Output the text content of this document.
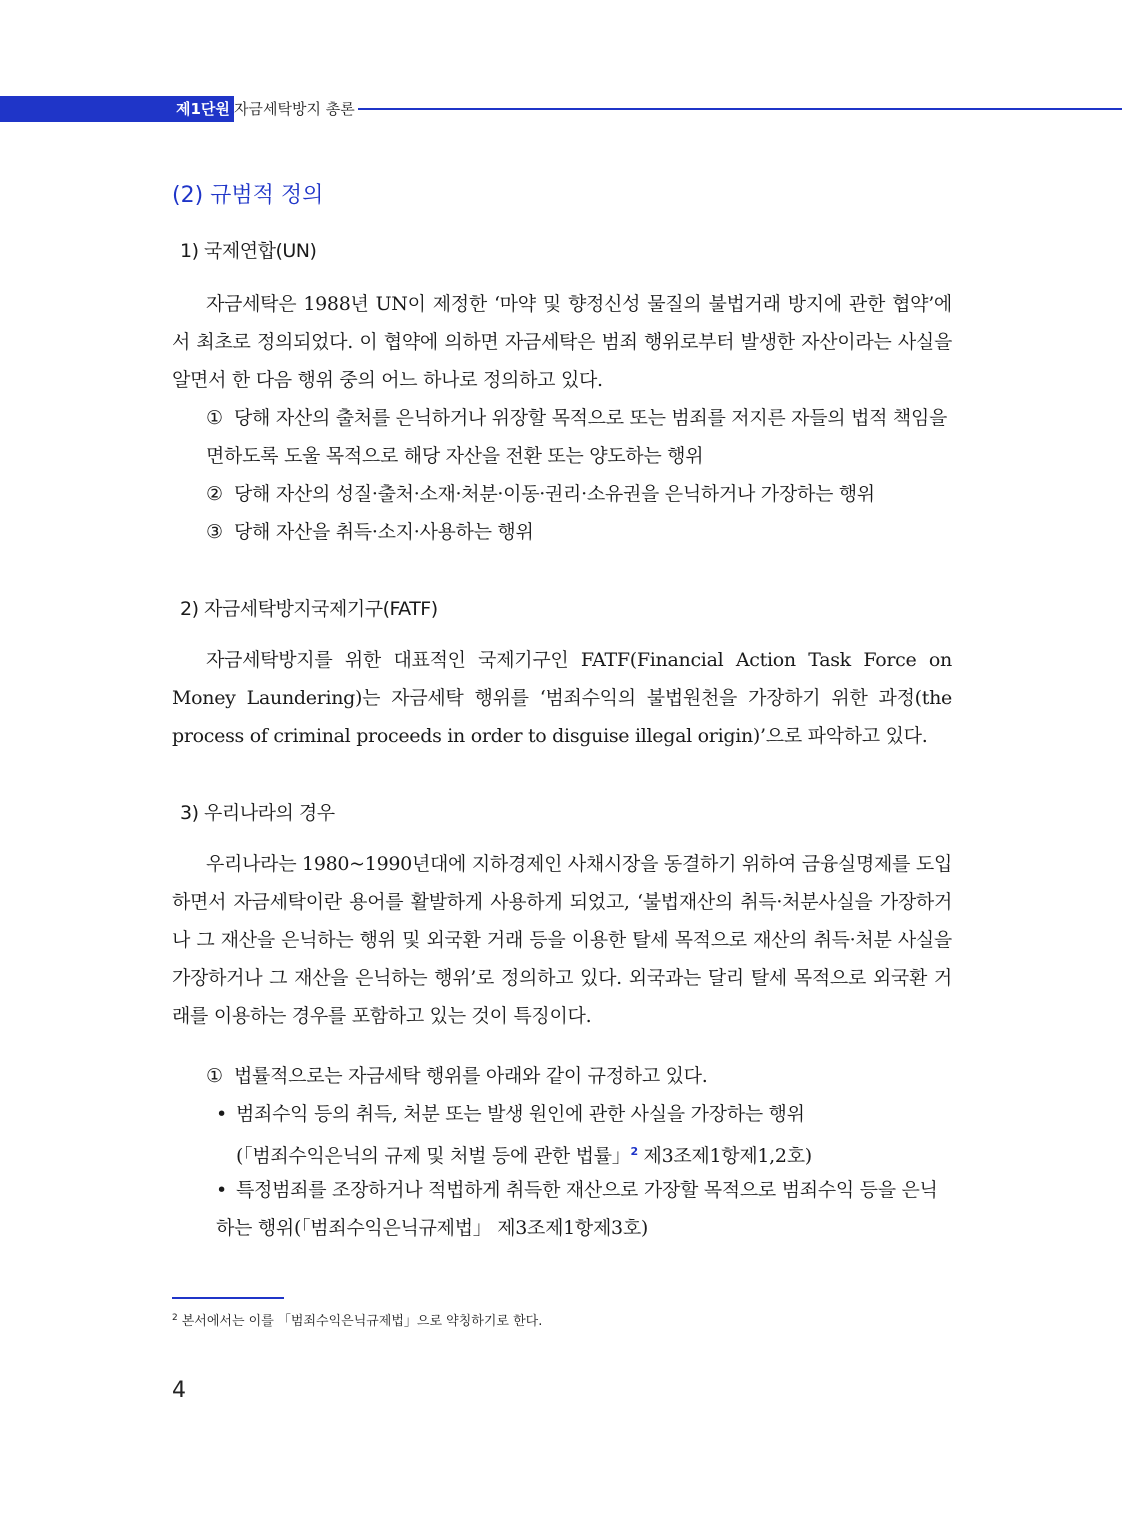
제1단원 자금세탁방지 총론
(2) 규범적 정의
1) 국제연합(UN)

자금세탁은 1988년 UN이 제정한 ‘마약 및 향정신성 물질의 불법거래 방지에 관한 협약’에서 최초로 정의되었다. 이 협약에 의하면 자금세탁은 범죄 행위로부터 발생한 자산이라는 사실을 알면서 한 다음 행위 중의 어느 하나로 정의하고 있다.

① 당해 자산의 출처를 은닉하거나 위장할 목적으로 또는 범죄를 저지른 자들의 법적 책임을 면하도록 도울 목적으로 해당 자산을 전환 또는 양도하는 행위
② 당해 자산의 성질·출처·소재·처분·이동·권리·소유권을 은닉하거나 가장하는 행위
③ 당해 자산을 취득·소지·사용하는 행위
2) 자금세탁방지국제기구(FATF)

자금세탁방지를 위한 대표적인 국제기구인 FATF(Financial Action Task Force on Money Laundering)는 자금세탁 행위를 ‘범죄수익의 불법원천을 가장하기 위한 과정(the process of criminal proceeds in order to disguise illegal origin)’으로 파악하고 있다.

3) 우리나라의 경우

우리나라는 1980~1990년대에 지하경제인 사채시장을 동결하기 위하여 금융실명제를 도입하면서 자금세탁이란 용어를 활발하게 사용하게 되었고, ‘불법재산의 취득·처분사실을 가장하거나 그 재산을 은닉하는 행위 및 외국환 거래 등을 이용한 탈세 목적으로 재산의 취득·처분 사실을 가장하거나 그 재산을 은닉하는 행위’로 정의하고 있다. 외국과는 달리 탈세 목적으로 외국환 거래를 이용하는 경우를 포함하고 있는 것이 특징이다.

① 법률적으로는 자금세탁 행위를 아래와 같이 규정하고 있다.
• 범죄수익 등의 취득, 처분 또는 발생 원인에 관한 사실을 가장하는 행위
(「범죄수익은닉의 규제 및 처벌 등에 관한 법률」$^2$ 제3조제1항제1,2호)
• 특정범죄를 조장하거나 적법하게 취득한 재산으로 가장할 목적으로 범죄수익 등을 은닉하는 행위(「범죄수익은닉규제법」 제3조제1항제3호)
$^2$ 본서에서는 이를 「범죄수익은닉규제법」으로 약칭하기로 한다.
4
